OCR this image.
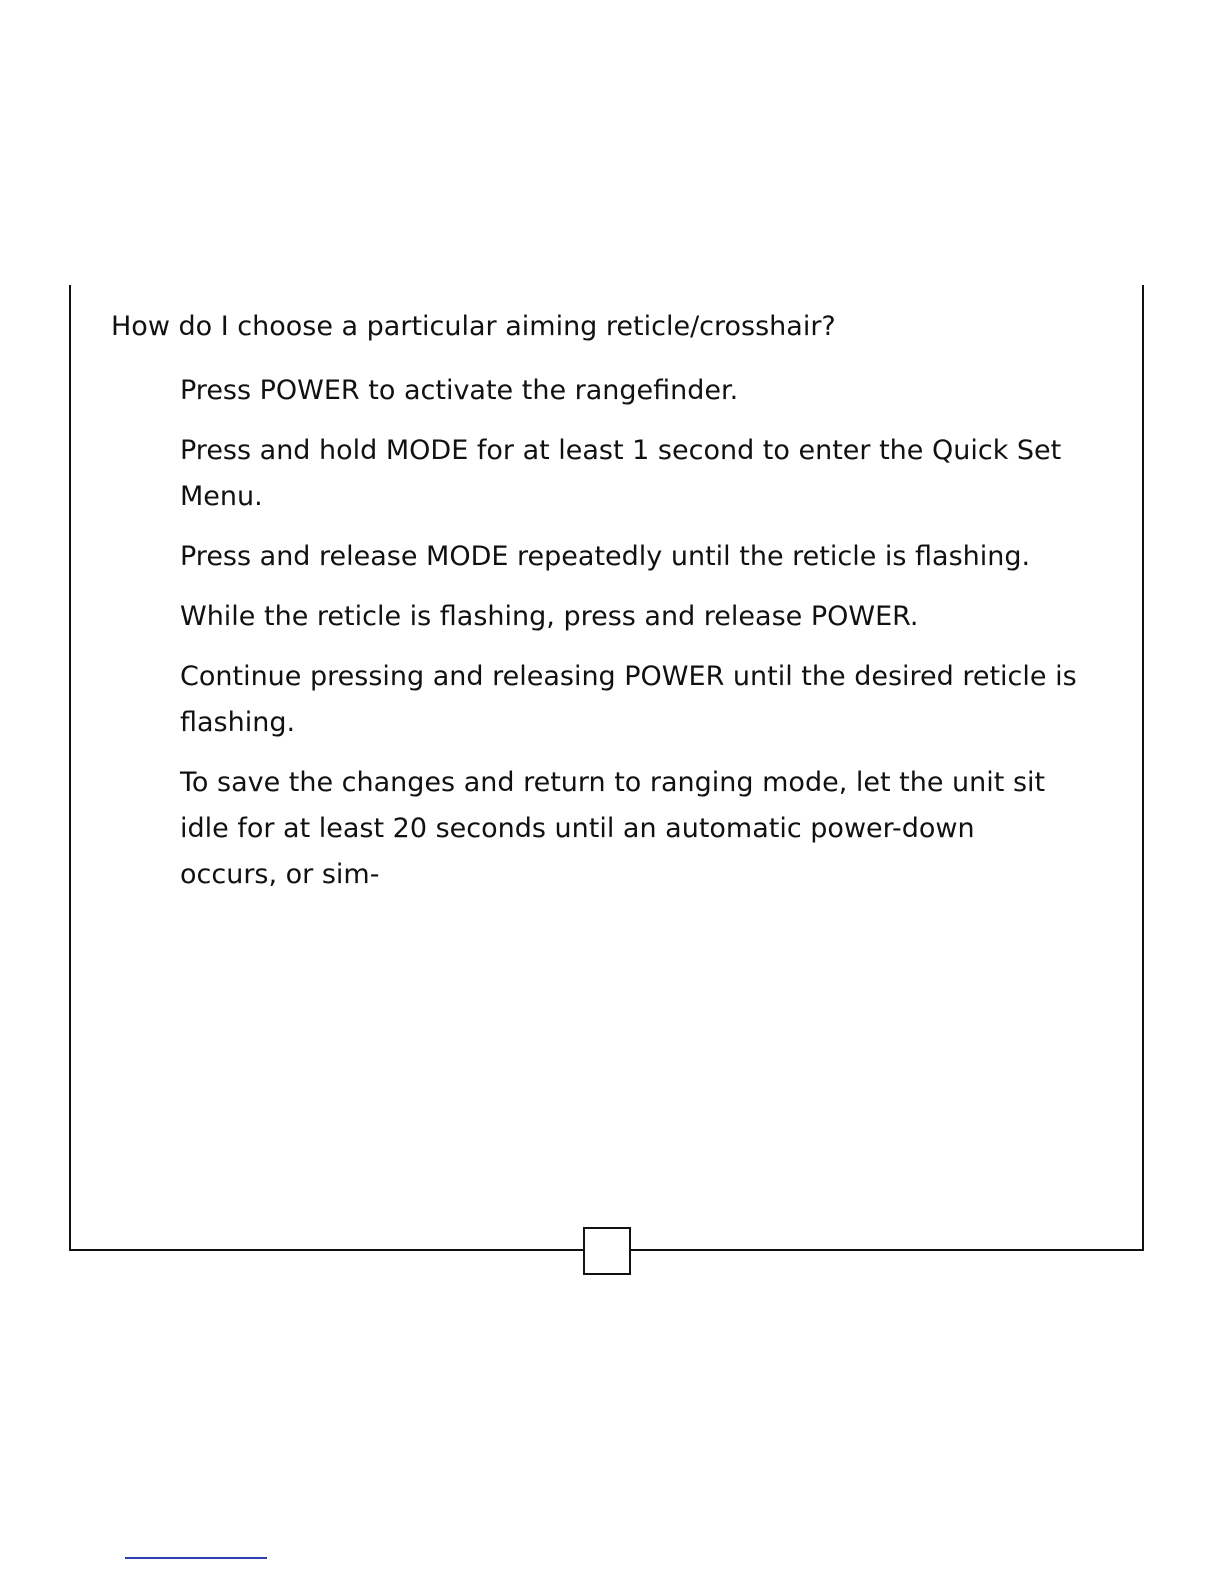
How do I choose a particular aiming reticle/crosshair?

Press POWER to activate the rangefinder.

Press and hold MODE for at least 1 second to enter the Quick Set Menu.

Press and release MODE repeatedly until the reticle is flashing.

While the reticle is flashing, press and release POWER.

Continue pressing and releasing POWER until the desired reticle is flashing.

To save the changes and return to ranging mode, let the unit sit idle for at least 20 seconds until an automatic power-down occurs, or sim-
